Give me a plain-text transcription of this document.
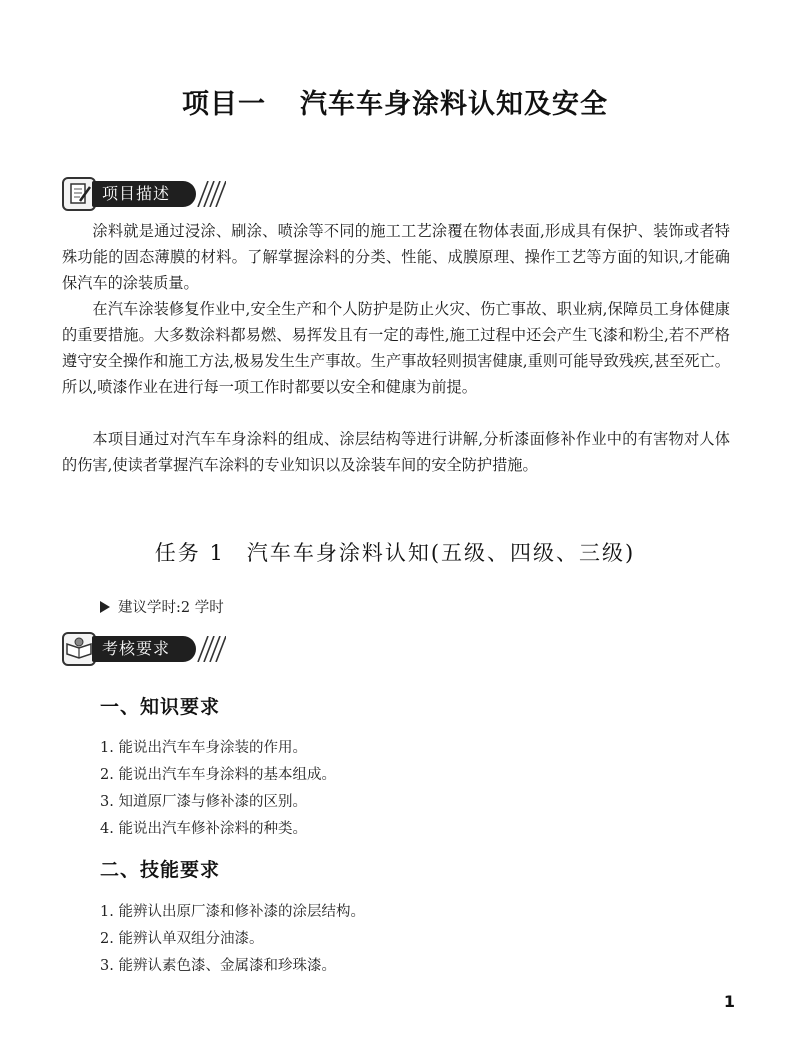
项目一 汽车车身涂料认知及安全
项目描述
涂料就是通过浸涂、刷涂、喷涂等不同的施工工艺涂覆在物体表面,形成具有保护、装饰或者特殊功能的固态薄膜的材料。了解掌握涂料的分类、性能、成膜原理、操作工艺等方面的知识,才能确保汽车的涂装质量。
在汽车涂装修复作业中,安全生产和个人防护是防止火灾、伤亡事故、职业病,保障员工身体健康的重要措施。大多数涂料都易燃、易挥发且有一定的毒性,施工过程中还会产生飞漆和粉尘,若不严格遵守安全操作和施工方法,极易发生生产事故。生产事故轻则损害健康,重则可能导致残疾,甚至死亡。所以,喷漆作业在进行每一项工作时都要以安全和健康为前提。
本项目通过对汽车车身涂料的组成、涂层结构等进行讲解,分析漆面修补作业中的有害物对人体的伤害,使读者掌握汽车涂料的专业知识以及涂装车间的安全防护措施。
任务 1 汽车车身涂料认知(五级、四级、三级)
建议学时:2 学时
考核要求
一、知识要求
1. 能说出汽车车身涂装的作用。
2. 能说出汽车车身涂料的基本组成。
3. 知道原厂漆与修补漆的区别。
4. 能说出汽车修补涂料的种类。
二、技能要求
1. 能辨认出原厂漆和修补漆的涂层结构。
2. 能辨认单双组分油漆。
3. 能辨认素色漆、金属漆和珍珠漆。
1
